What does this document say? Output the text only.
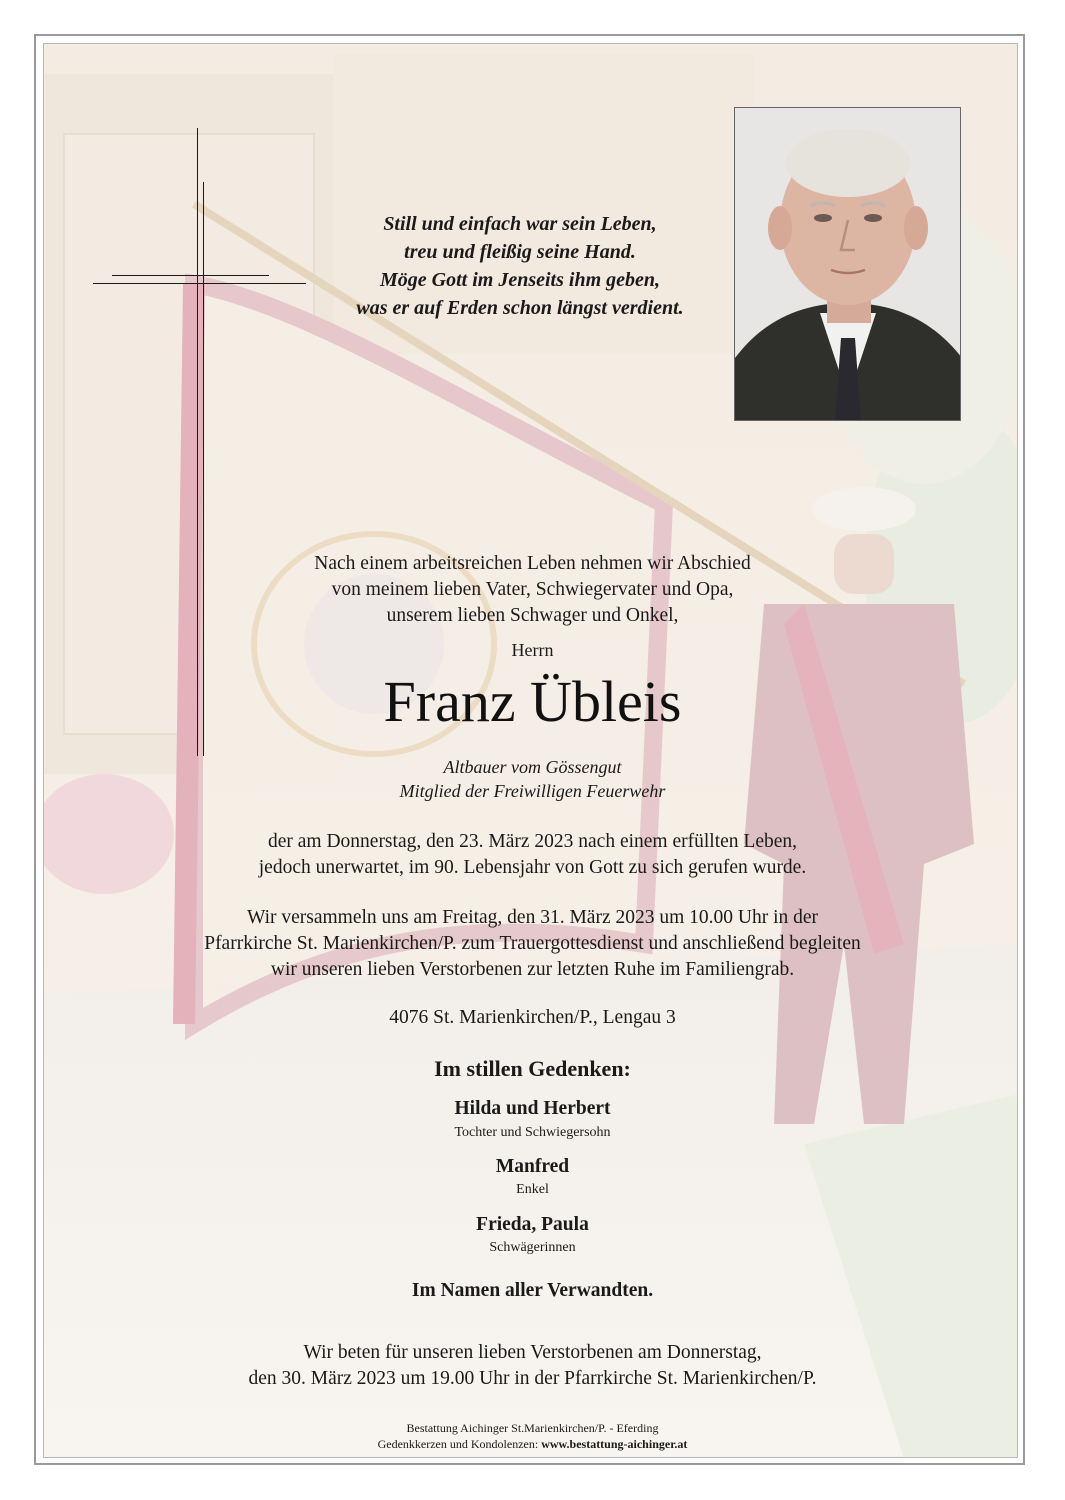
Still und einfach war sein Leben,
treu und fleißig seine Hand.
Möge Gott im Jenseits ihm geben,
was er auf Erden schon längst verdient.
Nach einem arbeitsreichen Leben nehmen wir Abschied
von meinem lieben Vater, Schwiegervater und Opa,
unserem lieben Schwager und Onkel,
Herrn
Franz Übleis
Altbauer vom Gössengut
Mitglied der Freiwilligen Feuerwehr
der am Donnerstag, den 23. März 2023 nach einem erfüllten Leben,
jedoch unerwartet, im 90. Lebensjahr von Gott zu sich gerufen wurde.
Wir versammeln uns am Freitag, den 31. März 2023 um 10.00 Uhr in der
Pfarrkirche St. Marienkirchen/P. zum Trauergottesdienst und anschließend begleiten
wir unseren lieben Verstorbenen zur letzten Ruhe im Familiengrab.
4076 St. Marienkirchen/P., Lengau 3
Im stillen Gedenken:
Hilda und Herbert
Tochter und Schwiegersohn
Manfred
Enkel
Frieda, Paula
Schwägerinnen
Im Namen aller Verwandten.
Wir beten für unseren lieben Verstorbenen am Donnerstag,
den 30. März 2023 um 19.00 Uhr in der Pfarrkirche St. Marienkirchen/P.
Bestattung Aichinger St.Marienkirchen/P. - Eferding
Gedenkkerzen und Kondolenzen: www.bestattung-aichinger.at
